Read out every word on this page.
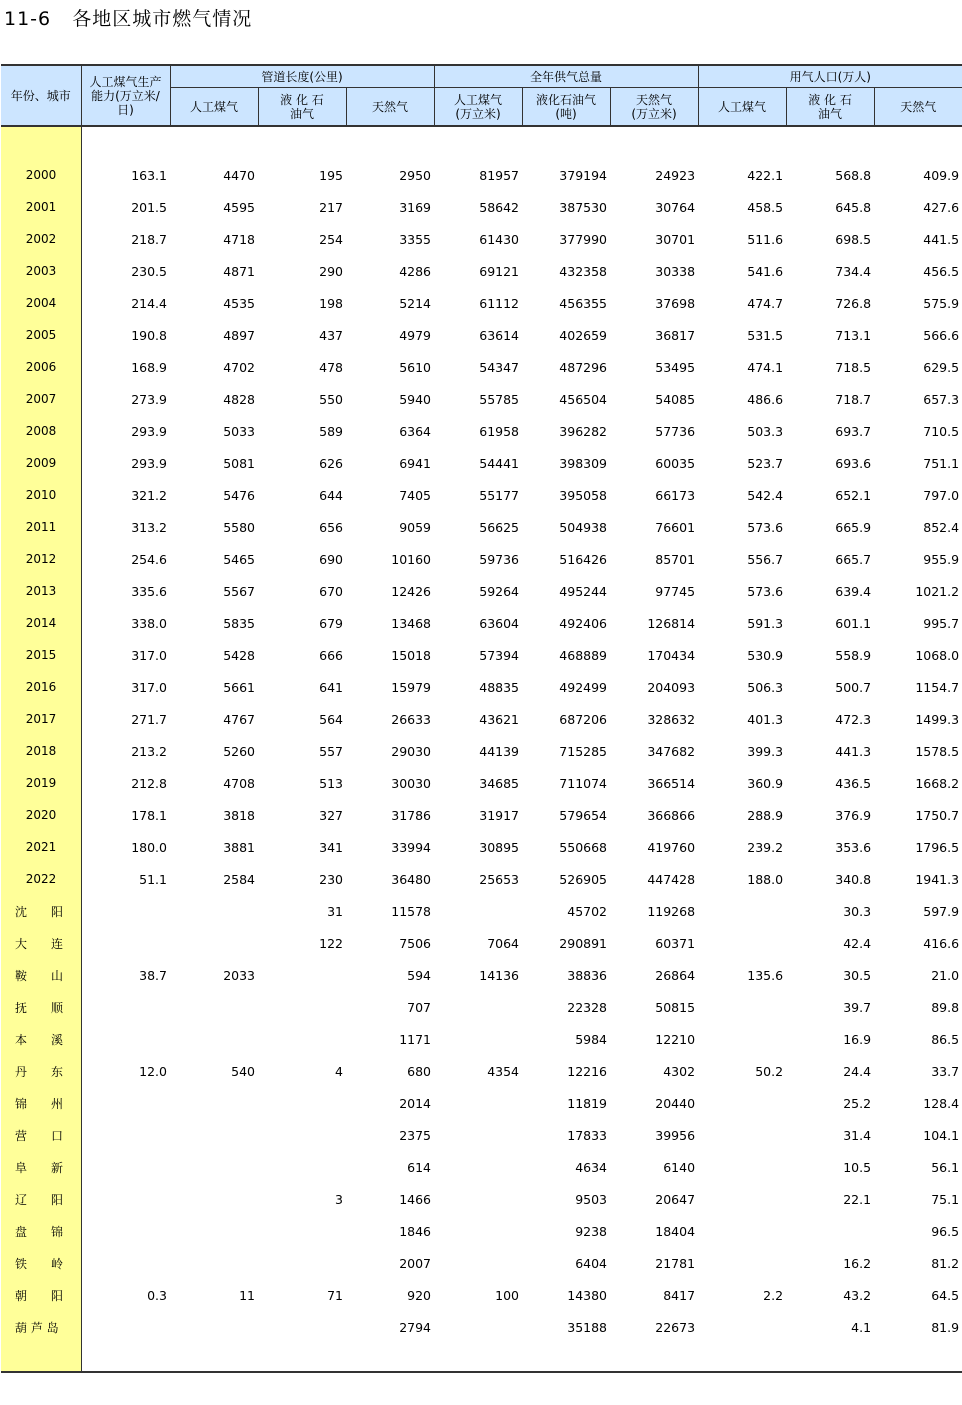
11-6   各地区城市燃气情况
年份、城市	人工煤气生产能力(万立米/日)	管道长度(公里)			全年供气总量			用气人口(万人)		
		人工煤气	液 化 石油气	天然气	人工煤气 (万立米)	液化石油气 (吨)	天然气 (万立米)	人工煤气	液 化 石油气	天然气

2000	163.1	4470	195	2950	81957	379194	24923	422.1	568.8	409.9
2001	201.5	4595	217	3169	58642	387530	30764	458.5	645.8	427.6
2002	218.7	4718	254	3355	61430	377990	30701	511.6	698.5	441.5
2003	230.5	4871	290	4286	69121	432358	30338	541.6	734.4	456.5
2004	214.4	4535	198	5214	61112	456355	37698	474.7	726.8	575.9
2005	190.8	4897	437	4979	63614	402659	36817	531.5	713.1	566.6
2006	168.9	4702	478	5610	54347	487296	53495	474.1	718.5	629.5
2007	273.9	4828	550	5940	55785	456504	54085	486.6	718.7	657.3
2008	293.9	5033	589	6364	61958	396282	57736	503.3	693.7	710.5
2009	293.9	5081	626	6941	54441	398309	60035	523.7	693.6	751.1
2010	321.2	5476	644	7405	55177	395058	66173	542.4	652.1	797.0
2011	313.2	5580	656	9059	56625	504938	76601	573.6	665.9	852.4
2012	254.6	5465	690	10160	59736	516426	85701	556.7	665.7	955.9
2013	335.6	5567	670	12426	59264	495244	97745	573.6	639.4	1021.2
2014	338.0	5835	679	13468	63604	492406	126814	591.3	601.1	995.7
2015	317.0	5428	666	15018	57394	468889	170434	530.9	558.9	1068.0
2016	317.0	5661	641	15979	48835	492499	204093	506.3	500.7	1154.7
2017	271.7	4767	564	26633	43621	687206	328632	401.3	472.3	1499.3
2018	213.2	5260	557	29030	44139	715285	347682	399.3	441.3	1578.5
2019	212.8	4708	513	30030	34685	711074	366514	360.9	436.5	1668.2
2020	178.1	3818	327	31786	31917	579654	366866	288.9	376.9	1750.7
2021	180.0	3881	341	33994	30895	550668	419760	239.2	353.6	1796.5
2022	51.1	2584	230	36480	25653	526905	447428	188.0	340.8	1941.3
沈　　阳			31	11578		45702	119268		30.3	597.9
大　　连			122	7506	7064	290891	60371		42.4	416.6
鞍　　山	38.7	2033		594	14136	38836	26864	135.6	30.5	21.0
抚　　顺				707		22328	50815		39.7	89.8
本　　溪				1171		5984	12210		16.9	86.5
丹　　东	12.0	540	4	680	4354	12216	4302	50.2	24.4	33.7
锦　　州				2014		11819	20440		25.2	128.4
营　　口				2375		17833	39956		31.4	104.1
阜　　新				614		4634	6140		10.5	56.1
辽　　阳			3	1466		9503	20647		22.1	75.1
盘　　锦				1846		9238	18404			96.5
铁　　岭				2007		6404	21781		16.2	81.2
朝　　阳	0.3	11	71	920	100	14380	8417	2.2	43.2	64.5
葫 芦 岛				2794		35188	22673		4.1	81.9
